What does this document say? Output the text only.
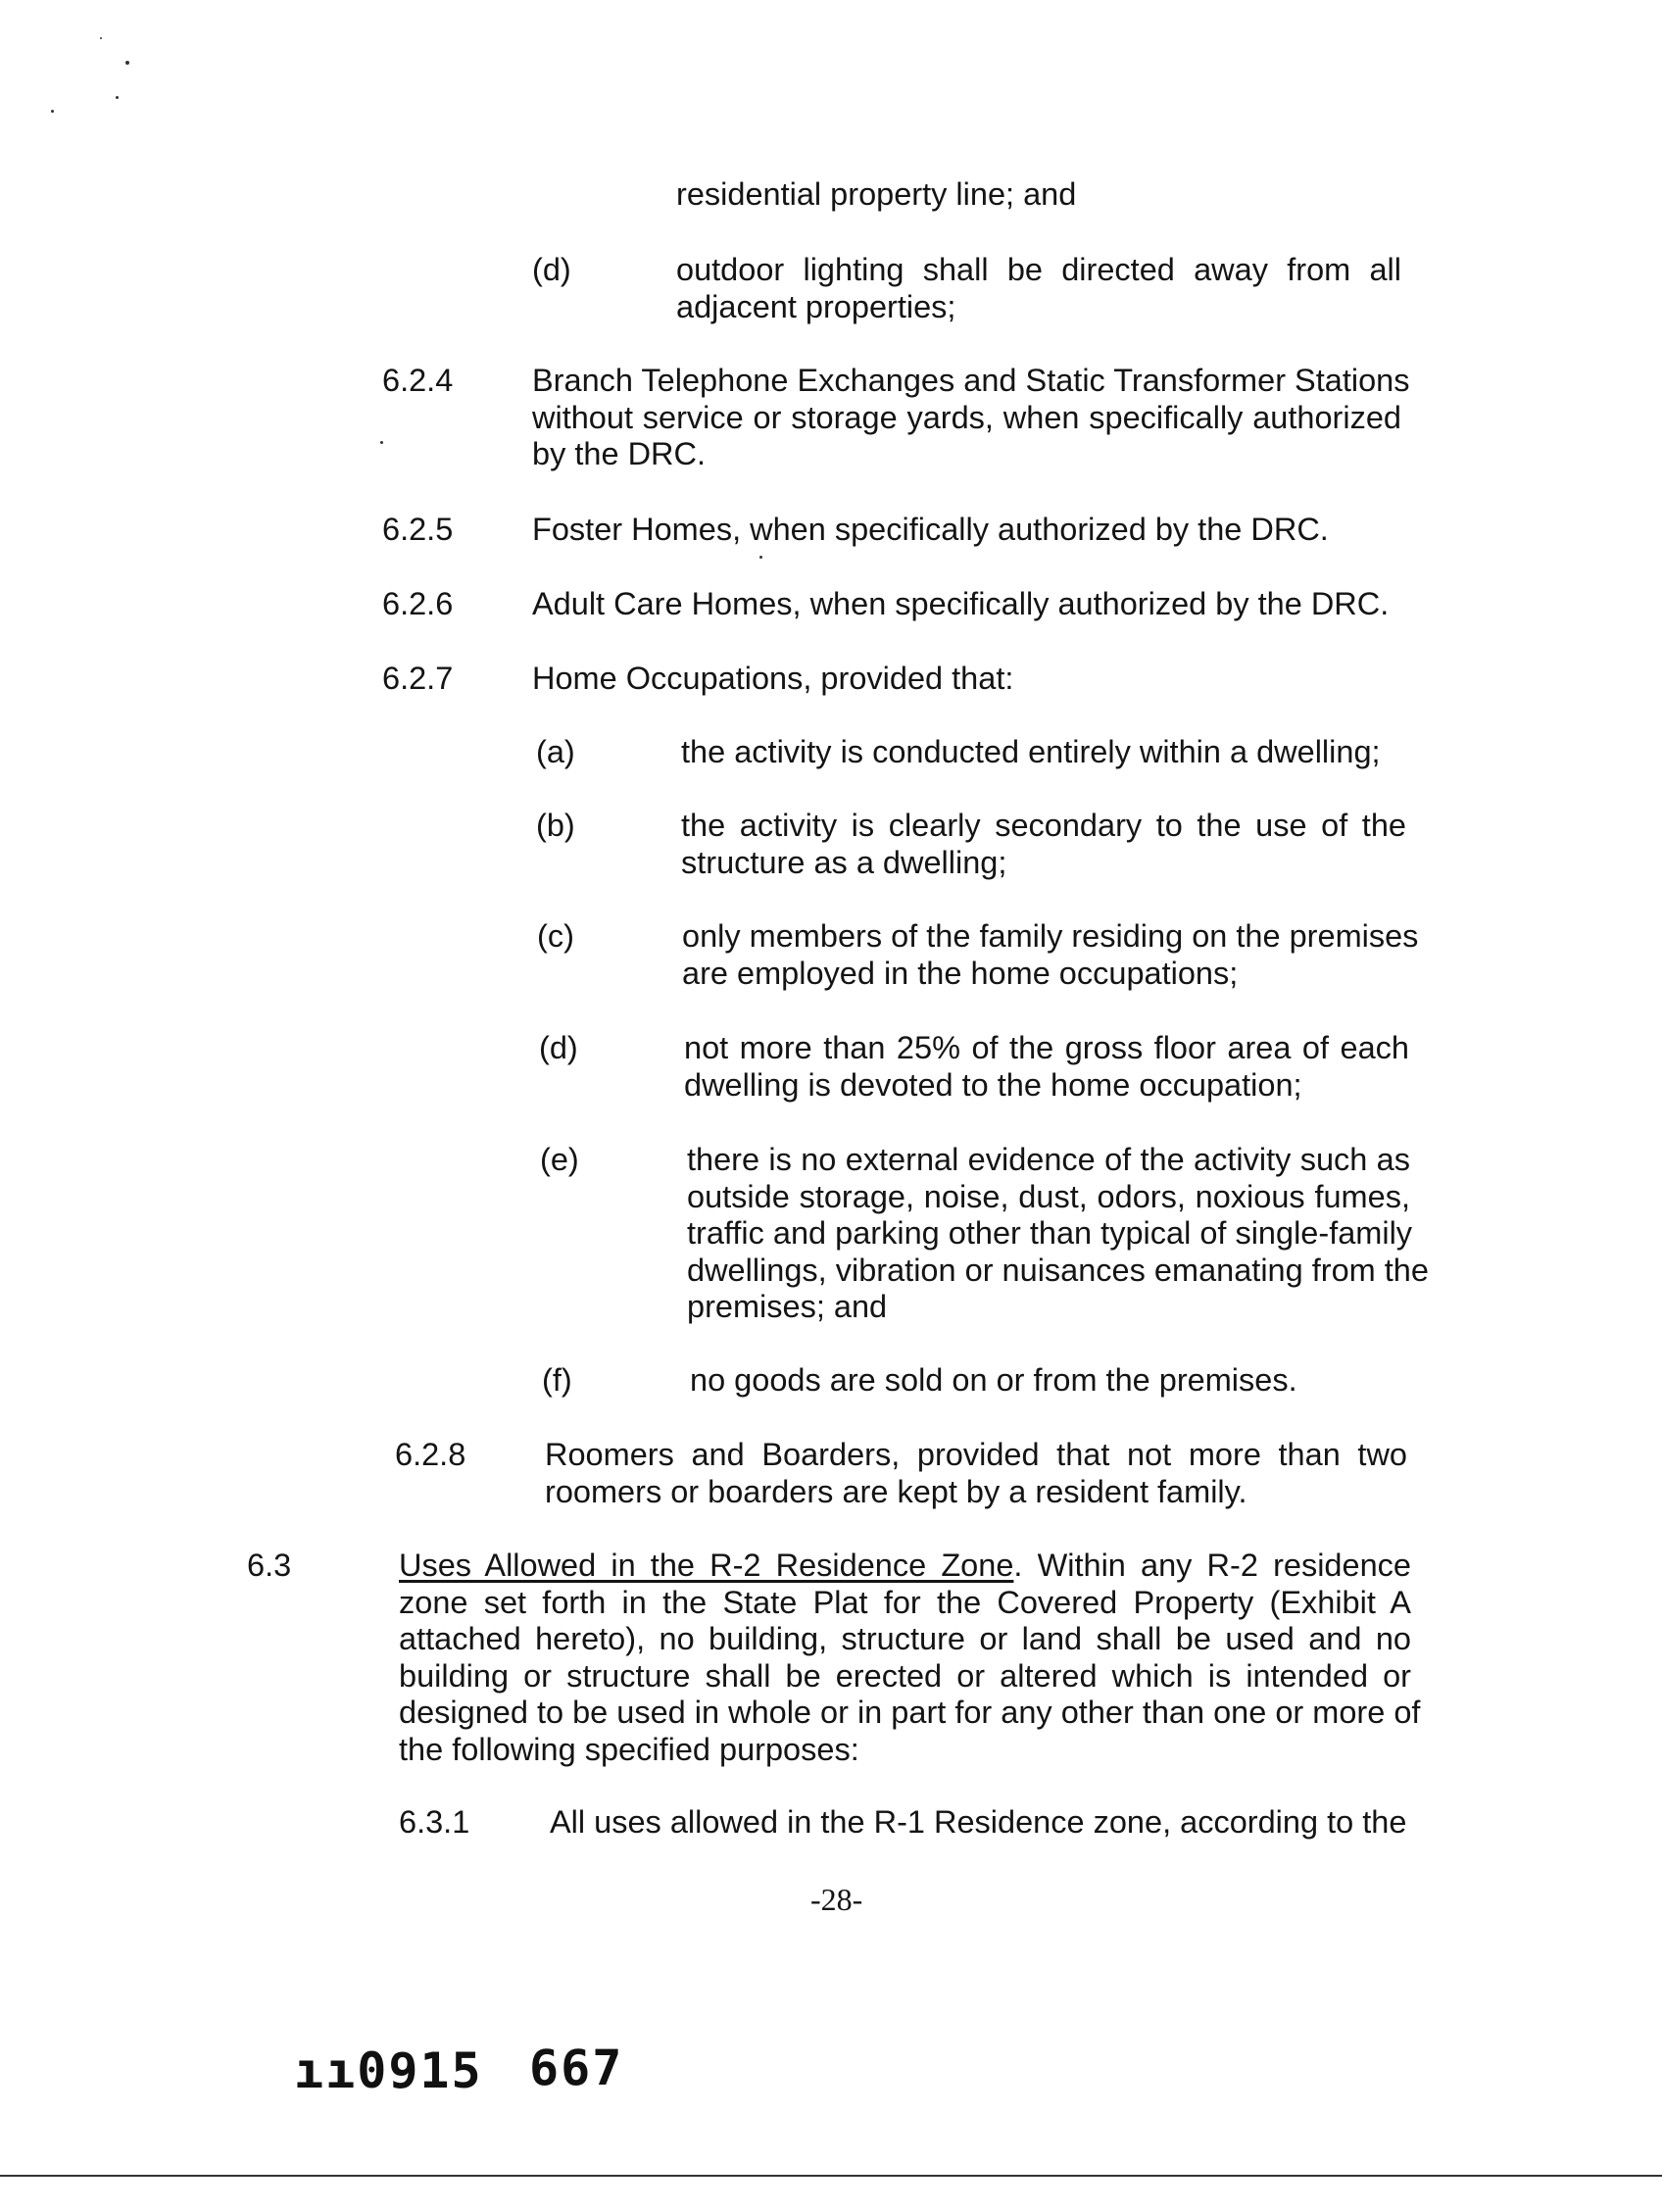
residential property line; and
(d)	outdoor lighting shall be directed away from all
adjacent properties;
6.2.4 Branch Telephone Exchanges and Static Transformer Stations
without service or storage yards, when specifically authorized
by the DRC.
6.2.5 Foster Homes, when specifically authorized by the DRC.
6.2.6 Adult Care Homes, when specifically authorized by the DRC.
6.2.7 Home Occupations, provided that:
(a)	the activity is conducted entirely within a dwelling;
(b)	the activity is clearly secondary to the use of the
structure as a dwelling;
(c)	only members of the family residing on the premises
are employed in the home occupations;
(d)	not more than 25% of the gross floor area of each
dwelling is devoted to the home occupation;
(e)	there is no external evidence of the activity such as
outside storage, noise, dust, odors, noxious fumes,
traffic and parking other than typical of single-family
dwellings, vibration or nuisances emanating from the
premises; and
(f)	no goods are sold on or from the premises.
6.2.8 Roomers and Boarders, provided that not more than two
roomers or boarders are kept by a resident family.
6.3	Uses Allowed in the R-2 Residence Zone. Within any R-2 residence
zone set forth in the State Plat for the Covered Property (Exhibit A
attached hereto), no building, structure or land shall be used and no
building or structure shall be erected or altered which is intended or
designed to be used in whole or in part for any other than one or more of
the following specified purposes:
6.3.1	All uses allowed in the R-1 Residence zone, according to the
-28-
ıı0915 667
